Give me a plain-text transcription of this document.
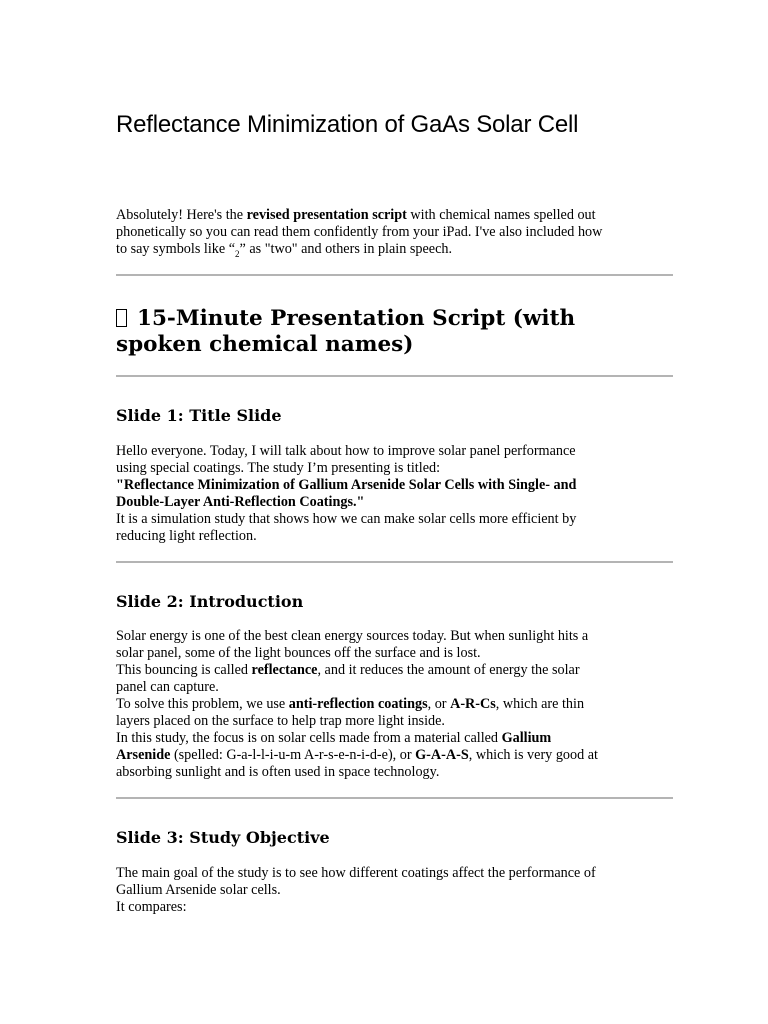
Reflectance Minimization of GaAs Solar Cell

Absolutely! Here's the revised presentation script with chemical names spelled out
phonetically so you can read them confidently from your iPad. I've also included how
to say symbols like “$_2$” as "two" and others in plain speech.

15-Minute Presentation Script (with
spoken chemical names)
Slide 1: Title Slide

Hello everyone. Today, I will talk about how to improve solar panel performance
using special coatings. The study I’m presenting is titled:
"Reflectance Minimization of Gallium Arsenide Solar Cells with Single- and
Double-Layer Anti-Reflection Coatings."
It is a simulation study that shows how we can make solar cells more efficient by
reducing light reflection.

Slide 2: Introduction

Solar energy is one of the best clean energy sources today. But when sunlight hits a
solar panel, some of the light bounces off the surface and is lost.
This bouncing is called reflectance, and it reduces the amount of energy the solar
panel can capture.
To solve this problem, we use anti-reflection coatings, or A-R-Cs, which are thin
layers placed on the surface to help trap more light inside.
In this study, the focus is on solar cells made from a material called Gallium
Arsenide (spelled: G-a-l-l-i-u-m A-r-s-e-n-i-d-e), or G-A-A-S, which is very good at
absorbing sunlight and is often used in space technology.

Slide 3: Study Objective

The main goal of the study is to see how different coatings affect the performance of
Gallium Arsenide solar cells.
It compares:
